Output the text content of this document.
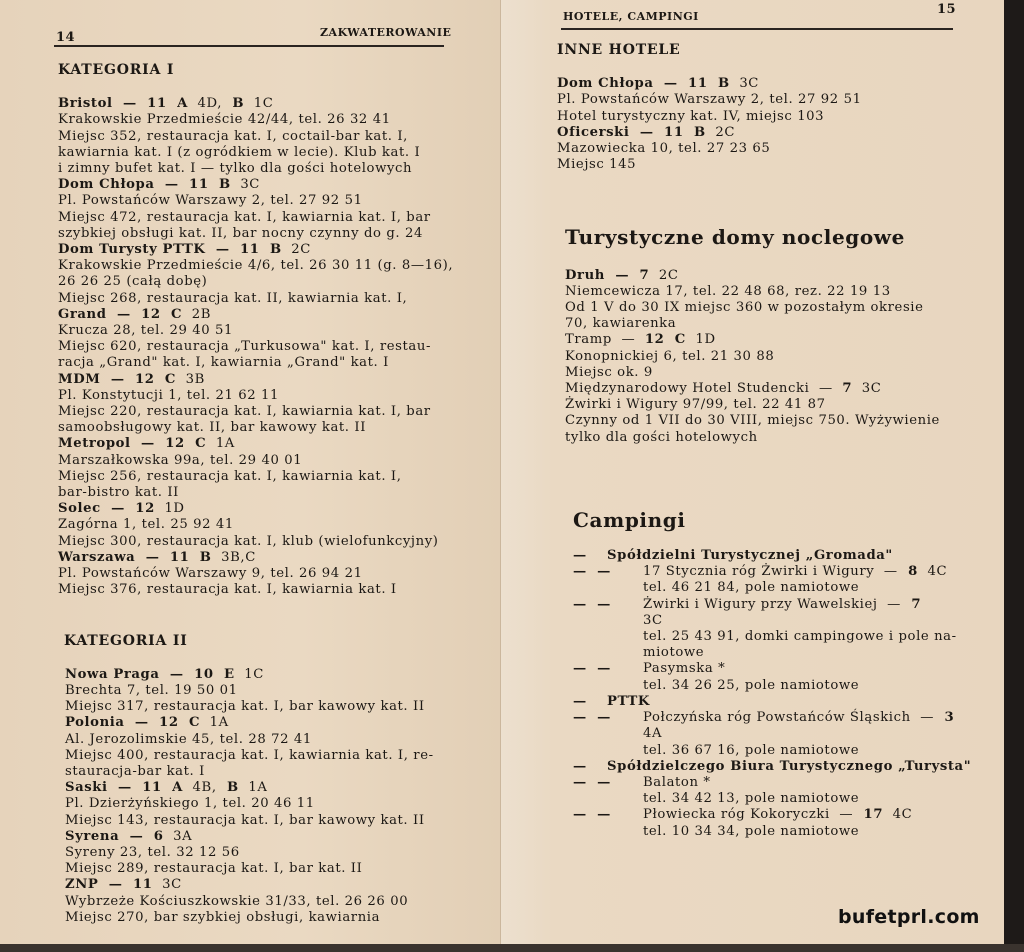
14	ZAKWATEROWANIE
KATEGORIA I
Bristol  —  11  A  4D,  B  1C
Krakowskie Przedmieście 42/44, tel. 26 32 41
Miejsc 352, restauracja kat. I, coctail-bar kat. I,
kawiarnia kat. I (z ogródkiem w lecie). Klub kat. I
i zimny bufet kat. I — tylko dla gości hotelowych
Dom Chłopa  —  11  B  3C
Pl. Powstańców Warszawy 2, tel. 27 92 51
Miejsc 472, restauracja kat. I, kawiarnia kat. I, bar
szybkiej obsługi kat. II, bar nocny czynny do g. 24
Dom Turysty PTTK  —  11  B  2C
Krakowskie Przedmieście 4/6, tel. 26 30 11 (g. 8—16),
26 26 25 (całą dobę)
Miejsc 268, restauracja kat. II, kawiarnia kat. I,
Grand  —  12  C  2B
Krucza 28, tel. 29 40 51
Miejsc 620, restauracja „Turkusowa" kat. I, restau-
racja „Grand" kat. I, kawiarnia „Grand" kat. I
MDM  —  12  C  3B
Pl. Konstytucji 1, tel. 21 62 11
Miejsc 220, restauracja kat. I, kawiarnia kat. I, bar
samoobsługowy kat. II, bar kawowy kat. II
Metropol  —  12  C  1A
Marszałkowska 99a, tel. 29 40 01
Miejsc 256, restauracja kat. I, kawiarnia kat. I,
bar-bistro kat. II
Solec  —  12  1D
Zagórna 1, tel. 25 92 41
Miejsc 300, restauracja kat. I, klub (wielofunkcyjny)
Warszawa  —  11  B  3B,C
Pl. Powstańców Warszawy 9, tel. 26 94 21
Miejsc 376, restauracja kat. I, kawiarnia kat. I
KATEGORIA II
Nowa Praga  —  10  E  1C
Brechta 7, tel. 19 50 01
Miejsc 317, restauracja kat. I, bar kawowy kat. II
Polonia  —  12  C  1A
Al. Jerozolimskie 45, tel. 28 72 41
Miejsc 400, restauracja kat. I, kawiarnia kat. I, re-
stauracja-bar kat. I
Saski  —  11  A  4B,  B  1A
Pl. Dzierżyńskiego 1, tel. 20 46 11
Miejsc 143, restauracja kat. I, bar kawowy kat. II
Syrena  —  6  3A
Syreny 23, tel. 32 12 56
Miejsc 289, restauracja kat. I, bar kat. II
ZNP  —  11  3C
Wybrzeże Kościuszkowskie 31/33, tel. 26 26 00
Miejsc 270, bar szybkiej obsługi, kawiarnia
HOTELE, CAMPINGI	15
INNE HOTELE
Dom Chłopa  —  11  B  3C
Pl. Powstańców Warszawy 2, tel. 27 92 51
Hotel turystyczny kat. IV, miejsc 103
Oficerski  —  11  B  2C
Mazowiecka 10, tel. 27 23 65
Miejsc 145
Turystyczne domy noclegowe
Druh  —  7  2C
Niemcewicza 17, tel. 22 48 68, rez. 22 19 13
Od 1 V do 30 IX miejsc 360 w pozostałym okresie
70, kawiarenka
Tramp  —  12  C  1D
Konopnickiej 6, tel. 21 30 88
Miejsc ok. 9
Międzynarodowy Hotel Studencki  —  7  3C
Żwirki i Wigury 97/99, tel. 22 41 87
Czynny od 1 VII do 30 VIII, miejsc 750. Wyżywienie
tylko dla gości hotelowych
Campingi
—	Spółdzielni Turystycznej „Gromada"
—  —	17 Stycznia róg Żwirki i Wigury  —  8  4C
tel. 46 21 84, pole namiotowe
—  —	Żwirki i Wigury przy Wawelskiej  —  7
3C
tel. 25 43 91, domki campingowe i pole na-
miotowe
—  —	Pasymska *
tel. 34 26 25, pole namiotowe
—	PTTK
—  —	Połczyńska róg Powstańców Śląskich  —  3
4A
tel. 36 67 16, pole namiotowe
—	Spółdzielczego Biura Turystycznego „Turysta"
—  —	Balaton *
tel. 34 42 13, pole namiotowe
—  —	Płowiecka róg Kokoryczki  —  17  4C
tel. 10 34 34, pole namiotowe
bufetprl.com
